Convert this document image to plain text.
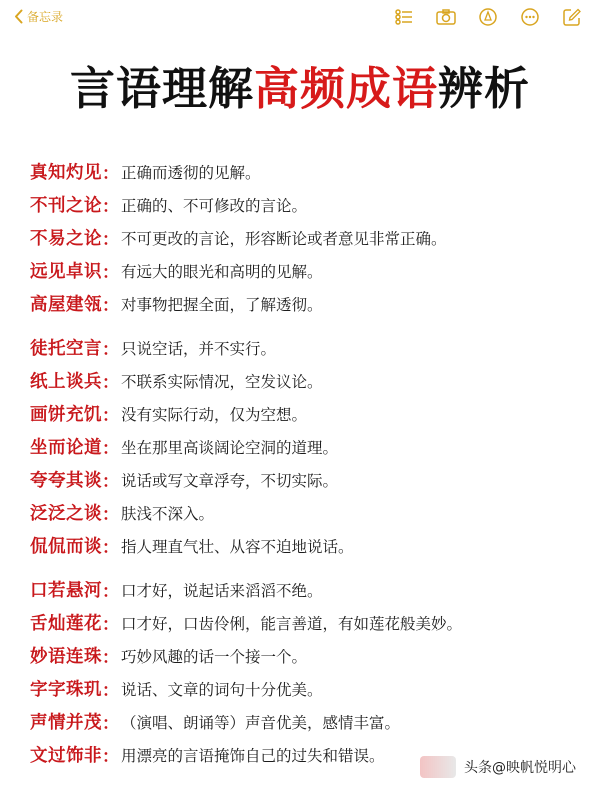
备忘录
言语理解高频成语辨析
真知灼见 ： 正确而透彻的见解。
不刊之论 ： 正确的、不可修改的言论。
不易之论 ： 不可更改的言论，形容断论或者意见非常正确。
远见卓识 ： 有远大的眼光和高明的见解。
高屋建瓴 ： 对事物把握全面，了解透彻。
徒托空言 ： 只说空话，并不实行。
纸上谈兵 ： 不联系实际情况，空发议论。
画饼充饥 ： 没有实际行动，仅为空想。
坐而论道 ： 坐在那里高谈阔论空洞的道理。
夸夸其谈 ： 说话或写文章浮夸，不切实际。
泛泛之谈 ： 肤浅不深入。
侃侃而谈 ： 指人理直气壮、从容不迫地说话。
口若悬河 ： 口才好，说起话来滔滔不绝。
舌灿莲花 ： 口才好，口齿伶俐，能言善道，有如莲花般美妙。
妙语连珠 ： 巧妙风趣的话一个接一个。
字字珠玑 ： 说话、文章的词句十分优美。
声情并茂 ： （演唱、朗诵等）声音优美，感情丰富。
文过饰非 ： 用漂亮的言语掩饰自己的过失和错误。
头条@映帆悦明心
